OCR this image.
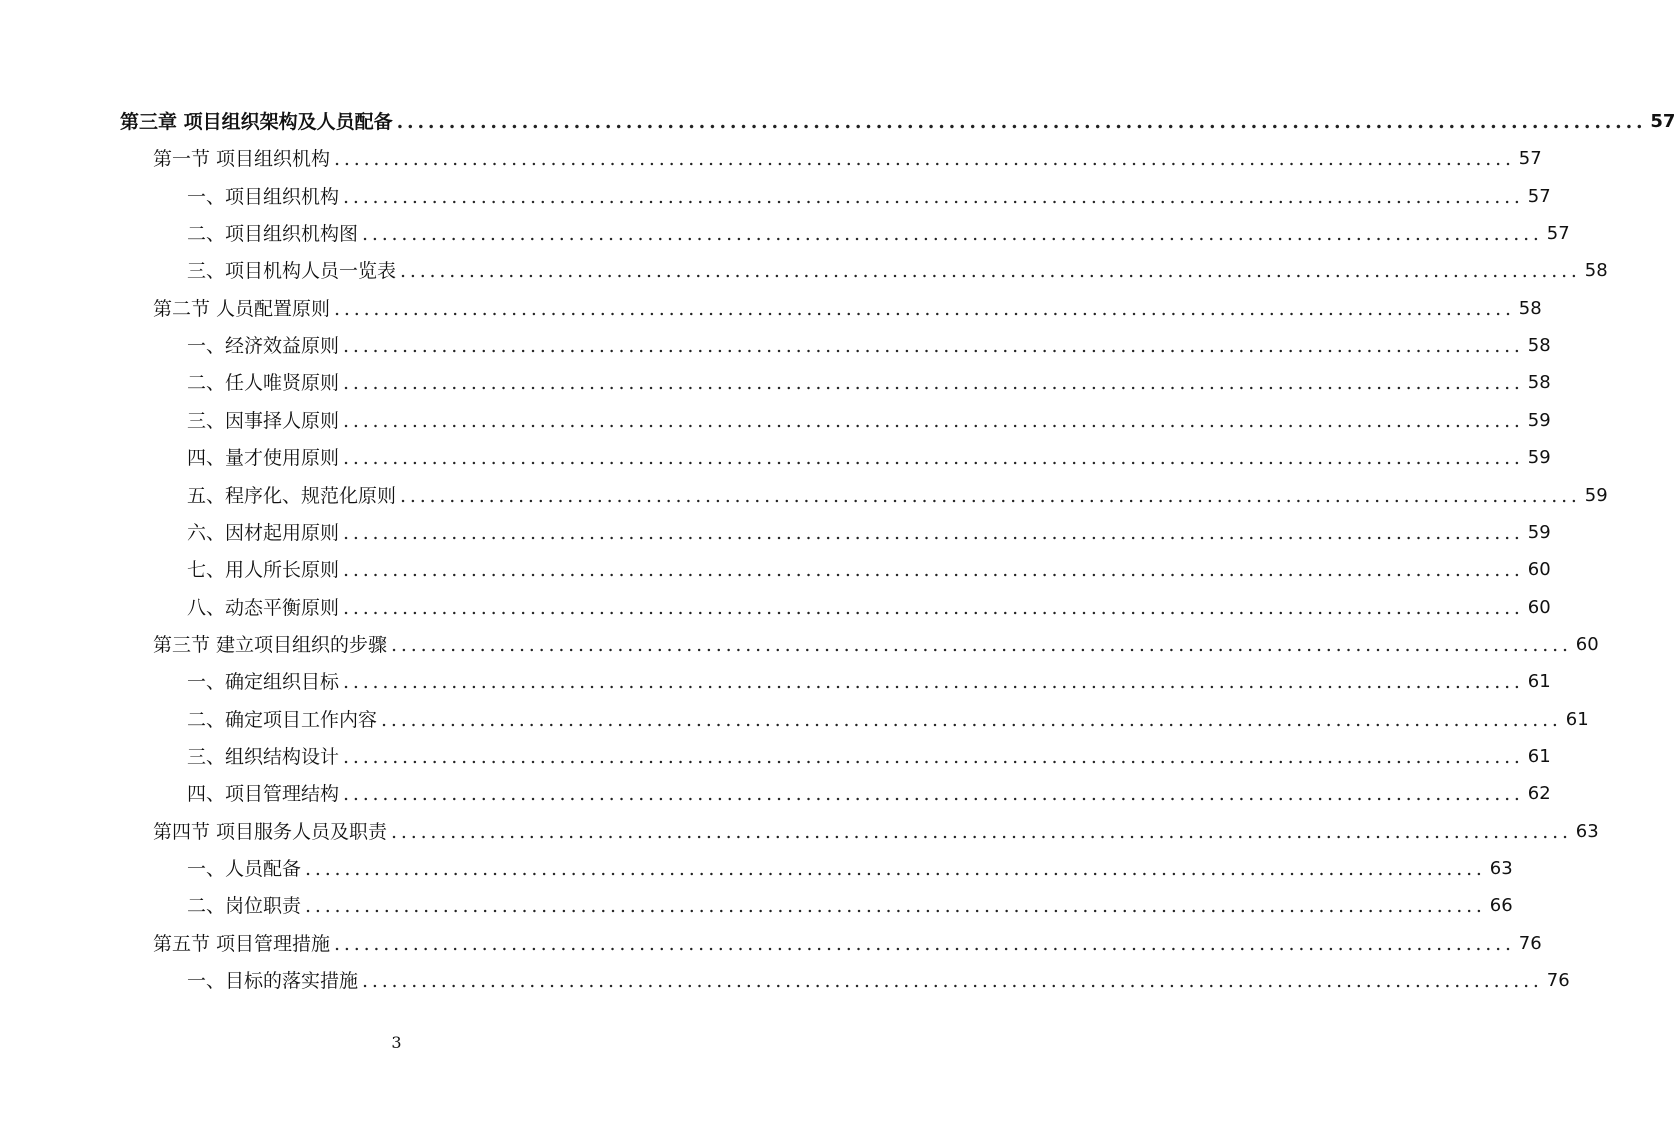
第三章 项目组织架构及人员配备 ........................................................................................................................ 57
第一节 项目组织机构 ........................................................................................................................ 57
一、项目组织机构 ........................................................................................................................ 57
二、项目组织机构图 ........................................................................................................................ 57
三、项目机构人员一览表 ........................................................................................................................ 58
第二节 人员配置原则 ........................................................................................................................ 58
一、经济效益原则 ........................................................................................................................ 58
二、任人唯贤原则 ........................................................................................................................ 58
三、因事择人原则 ........................................................................................................................ 59
四、量才使用原则 ........................................................................................................................ 59
五、程序化、规范化原则 ........................................................................................................................ 59
六、因材起用原则 ........................................................................................................................ 59
七、用人所长原则 ........................................................................................................................ 60
八、动态平衡原则 ........................................................................................................................ 60
第三节 建立项目组织的步骤 ........................................................................................................................ 60
一、确定组织目标 ........................................................................................................................ 61
二、确定项目工作内容 ........................................................................................................................ 61
三、组织结构设计 ........................................................................................................................ 61
四、项目管理结构 ........................................................................................................................ 62
第四节 项目服务人员及职责 ........................................................................................................................ 63
一、人员配备 ........................................................................................................................ 63
二、岗位职责 ........................................................................................................................ 66
第五节 项目管理措施 ........................................................................................................................ 76
一、目标的落实措施 ........................................................................................................................ 76
3
